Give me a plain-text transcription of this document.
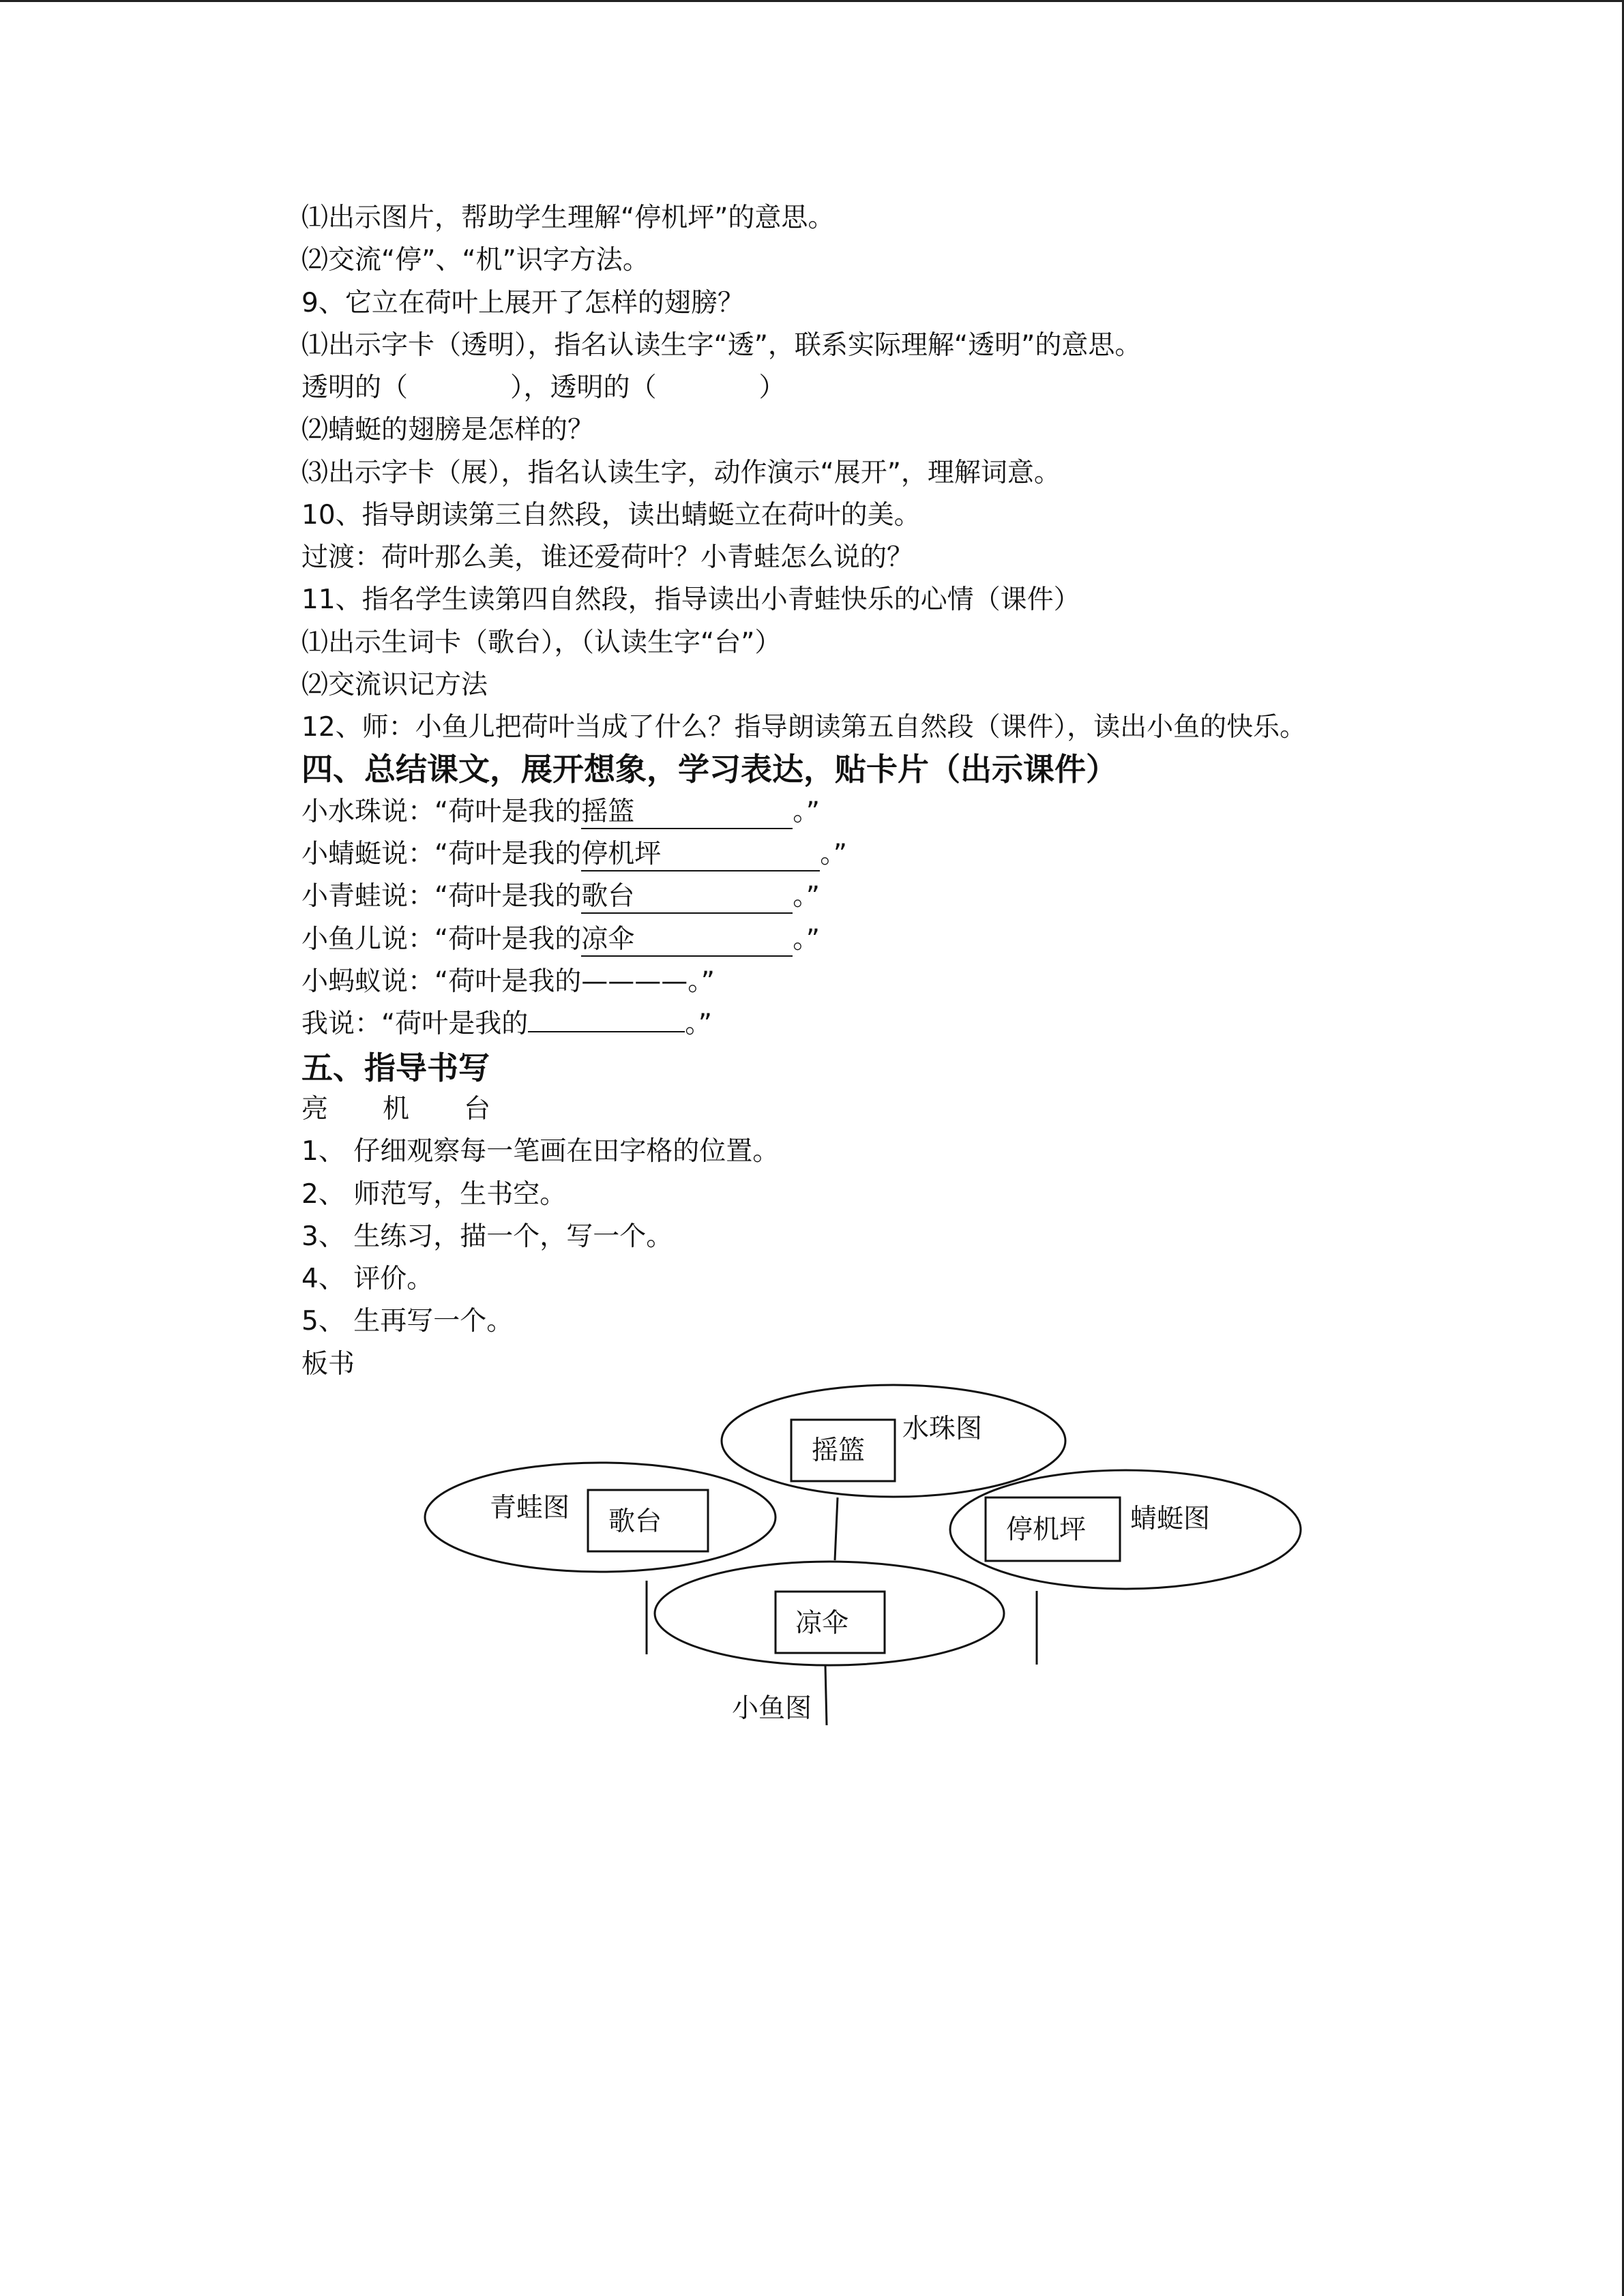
⑴出示图片，帮助学生理解“停机坪”的意思。

⑵交流“停”、“机”识字方法。

9、它立在荷叶上展开了怎样的翅膀？

⑴出示字卡（透明），指名认读生字“透”，联系实际理解“透明”的意思。

透明的（	），透明的（	）

⑵蜻蜓的翅膀是怎样的？

⑶出示字卡（展），指名认读生字，动作演示“展开”，理解词意。

10、指导朗读第三自然段，读出蜻蜓立在荷叶的美。

过渡：荷叶那么美，谁还爱荷叶？小青蛙怎么说的？

11、指名学生读第四自然段，指导读出小青蛙快乐的心情（课件）

⑴出示生词卡（歌台），（认读生字“台”）

⑵交流识记方法

12、师：小鱼儿把荷叶当成了什么？指导朗读第五自然段（课件），读出小鱼的快乐。

四、总结课文，展开想象，学习表达，贴卡片（出示课件）

小水珠说：“荷叶是我的摇篮	。”

小蜻蜓说：“荷叶是我的停机坪	。”

小青蛙说：“荷叶是我的歌台	。”

小鱼儿说：“荷叶是我的凉伞	。”

小蚂蚁说：“荷叶是我的————。”

我说：“荷叶是我的	。”

五、指导书写

亮 机 台

1、 仔细观察每一笔画在田字格的位置。

2、 师范写，生书空。

3、 生练习，描一个，写一个。

4、 评价。

5、 生再写一个。

板书

摇篮
水珠图
青蛙图 歌台	停机坪 蜻蜓图
凉伞
小鱼图
